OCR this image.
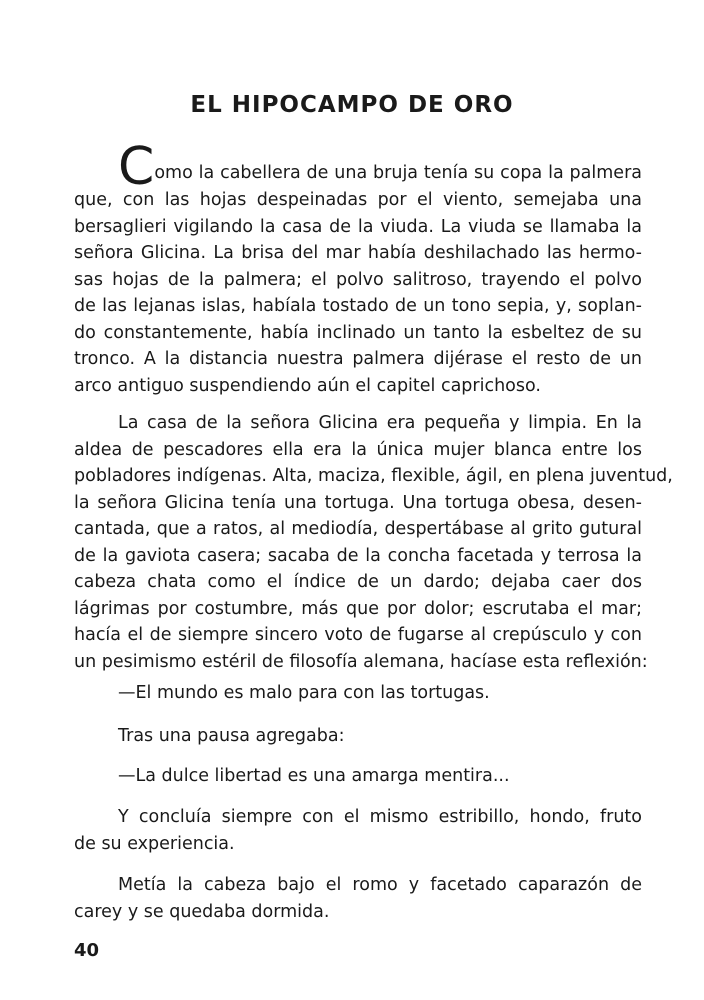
EL HIPOCAMPO DE ORO
Como la cabellera de una bruja tenía su copa la palmera
que, con las hojas despeinadas por el viento, semejaba una
bersaglieri vigilando la casa de la viuda. La viuda se llamaba la
señora Glicina. La brisa del mar había deshilachado las hermo-
sas hojas de la palmera; el polvo salitroso, trayendo el polvo
de las lejanas islas, habíala tostado de un tono sepia, y, soplan-
do constantemente, había inclinado un tanto la esbeltez de su
tronco. A la distancia nuestra palmera dijérase el resto de un
arco antiguo suspendiendo aún el capitel caprichoso.
La casa de la señora Glicina era pequeña y limpia. En la
aldea de pescadores ella era la única mujer blanca entre los
pobladores indígenas. Alta, maciza, flexible, ágil, en plena juventud,
la señora Glicina tenía una tortuga. Una tortuga obesa, desen-
cantada, que a ratos, al mediodía, despertábase al grito gutural
de la gaviota casera; sacaba de la concha facetada y terrosa la
cabeza chata como el índice de un dardo; dejaba caer dos
lágrimas por costumbre, más que por dolor; escrutaba el mar;
hacía el de siempre sincero voto de fugarse al crepúsculo y con
un pesimismo estéril de filosofía alemana, hacíase esta reflexión:
—El mundo es malo para con las tortugas.
Tras una pausa agregaba:
—La dulce libertad es una amarga mentira...
Y concluía siempre con el mismo estribillo, hondo, fruto
de su experiencia.
Metía la cabeza bajo el romo y facetado caparazón de
carey y se quedaba dormida.
40
